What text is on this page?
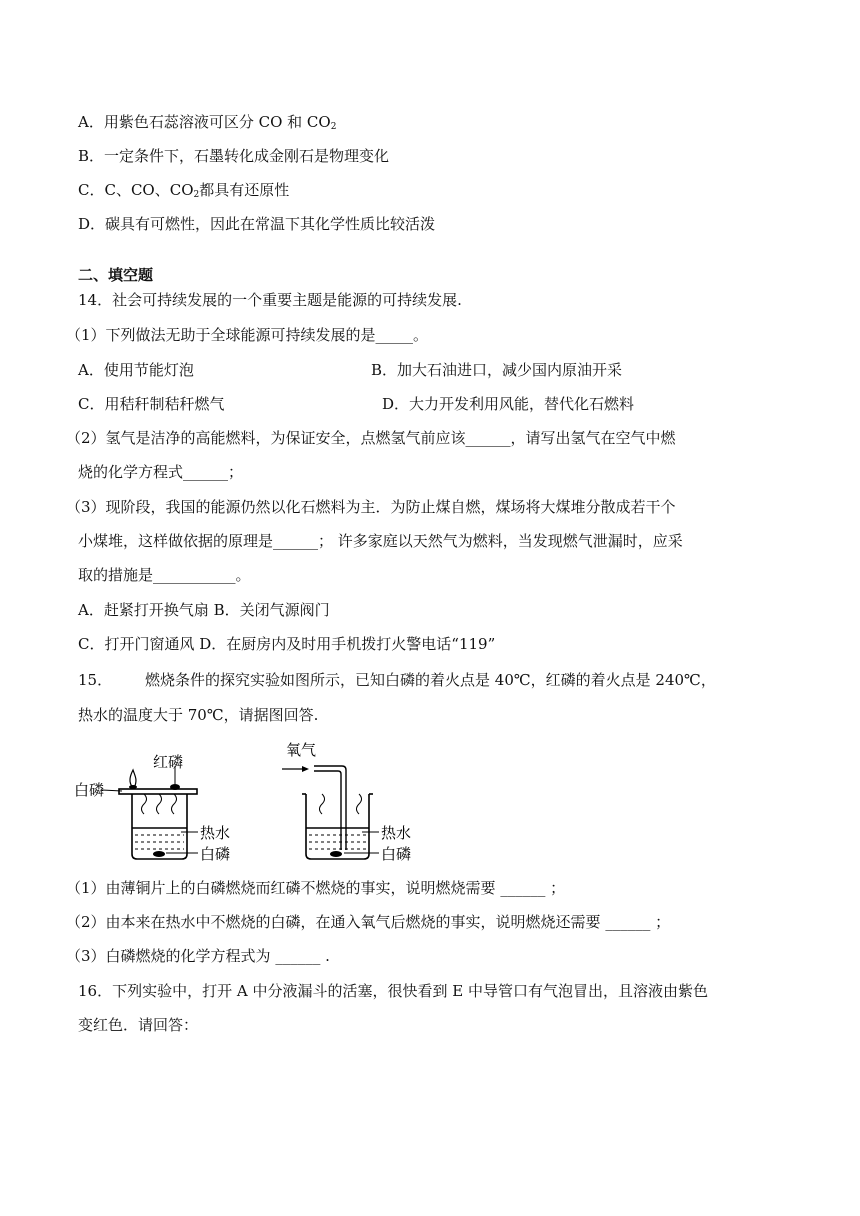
A．用紫色石蕊溶液可区分 CO 和 $CO_2$
B．一定条件下，石墨转化成金刚石是物理变化
C．C、CO、$CO_2$都具有还原性
D．碳具有可燃性，因此在常温下其化学性质比较活泼
二、填空题
14．社会可持续发展的一个重要主题是能源的可持续发展.
（1）下列做法无助于全球能源可持续发展的是_____。
A．使用节能灯泡	B．加大石油进口，减少国内原油开采
C．用秸秆制秸秆燃气	D．大力开发利用风能，替代化石燃料
（2）氢气是洁净的高能燃料，为保证安全，点燃氢气前应该______，请写出氢气在空气中燃
烧的化学方程式______；
（3）现阶段，我国的能源仍然以化石燃料为主．为防止煤自燃，煤场将大煤堆分散成若干个
小煤堆，这样做依据的原理是______； 许多家庭以天然气为燃料，当发现燃气泄漏时，应采
取的措施是___________。
A．赶紧打开换气扇 B．关闭气源阀门
C．打开门窗通风 D．在厨房内及时用手机拨打火警电话“119”
15． 燃烧条件的探究实验如图所示，已知白磷的着火点是 40℃，红磷的着火点是 240℃，
热水的温度大于 70℃，请据图回答.
红磷
白磷
热水
白磷
氧气
热水
白磷
（1）由薄铜片上的白磷燃烧而红磷不燃烧的事实，说明燃烧需要 ______ ；
（2）由本来在热水中不燃烧的白磷，在通入氧气后燃烧的事实，说明燃烧还需要 ______ ；
（3）白磷燃烧的化学方程式为 ______ .
16．下列实验中，打开 A 中分液漏斗的活塞，很快看到 E 中导管口有气泡冒出，且溶液由紫色
变红色．请回答：
